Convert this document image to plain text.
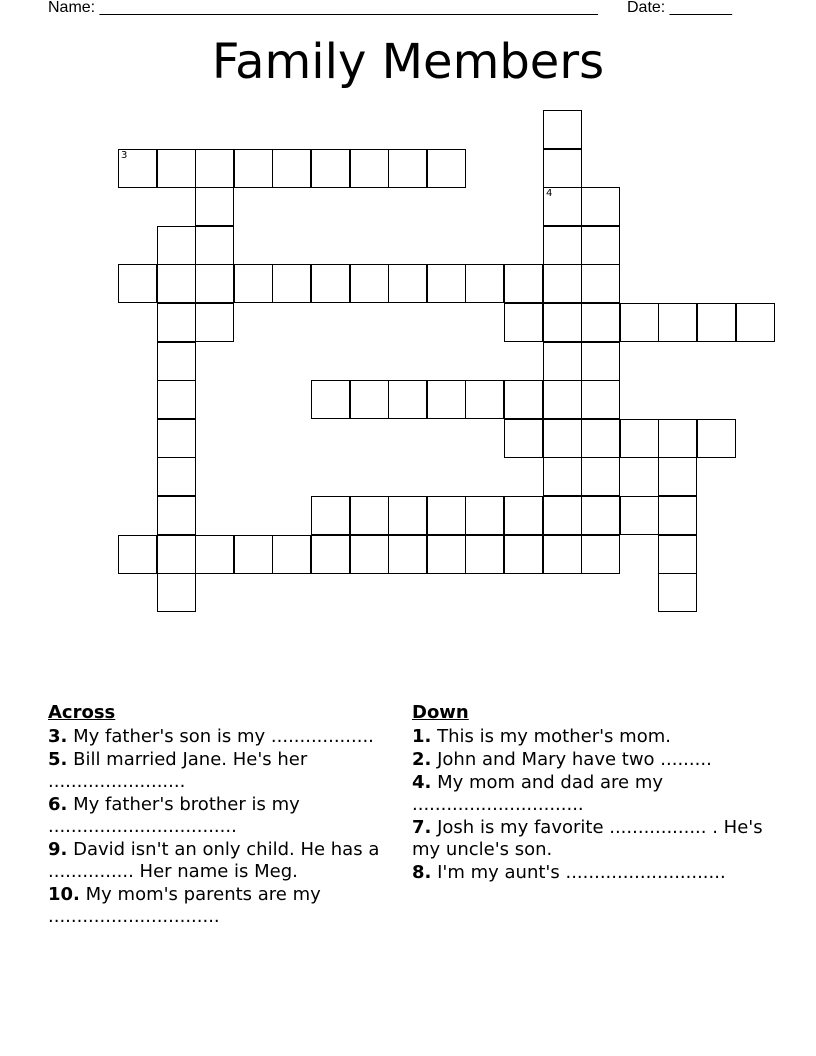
Name: ________________________________________________________ Date: _______
Family Members
4
3
Across
3. My father's son is my ..................
5. Bill married Jane. He's her ........................
6. My father's brother is my .................................
9. David isn't an only child. He has a ............... Her name is Meg.
10. My mom's parents are my ..............................
Down
1. This is my mother's mom.
2. John and Mary have two .........
4. My mom and dad are my ..............................
7. Josh is my favorite ................. . He's my uncle's son.
8. I'm my aunt's ............................
